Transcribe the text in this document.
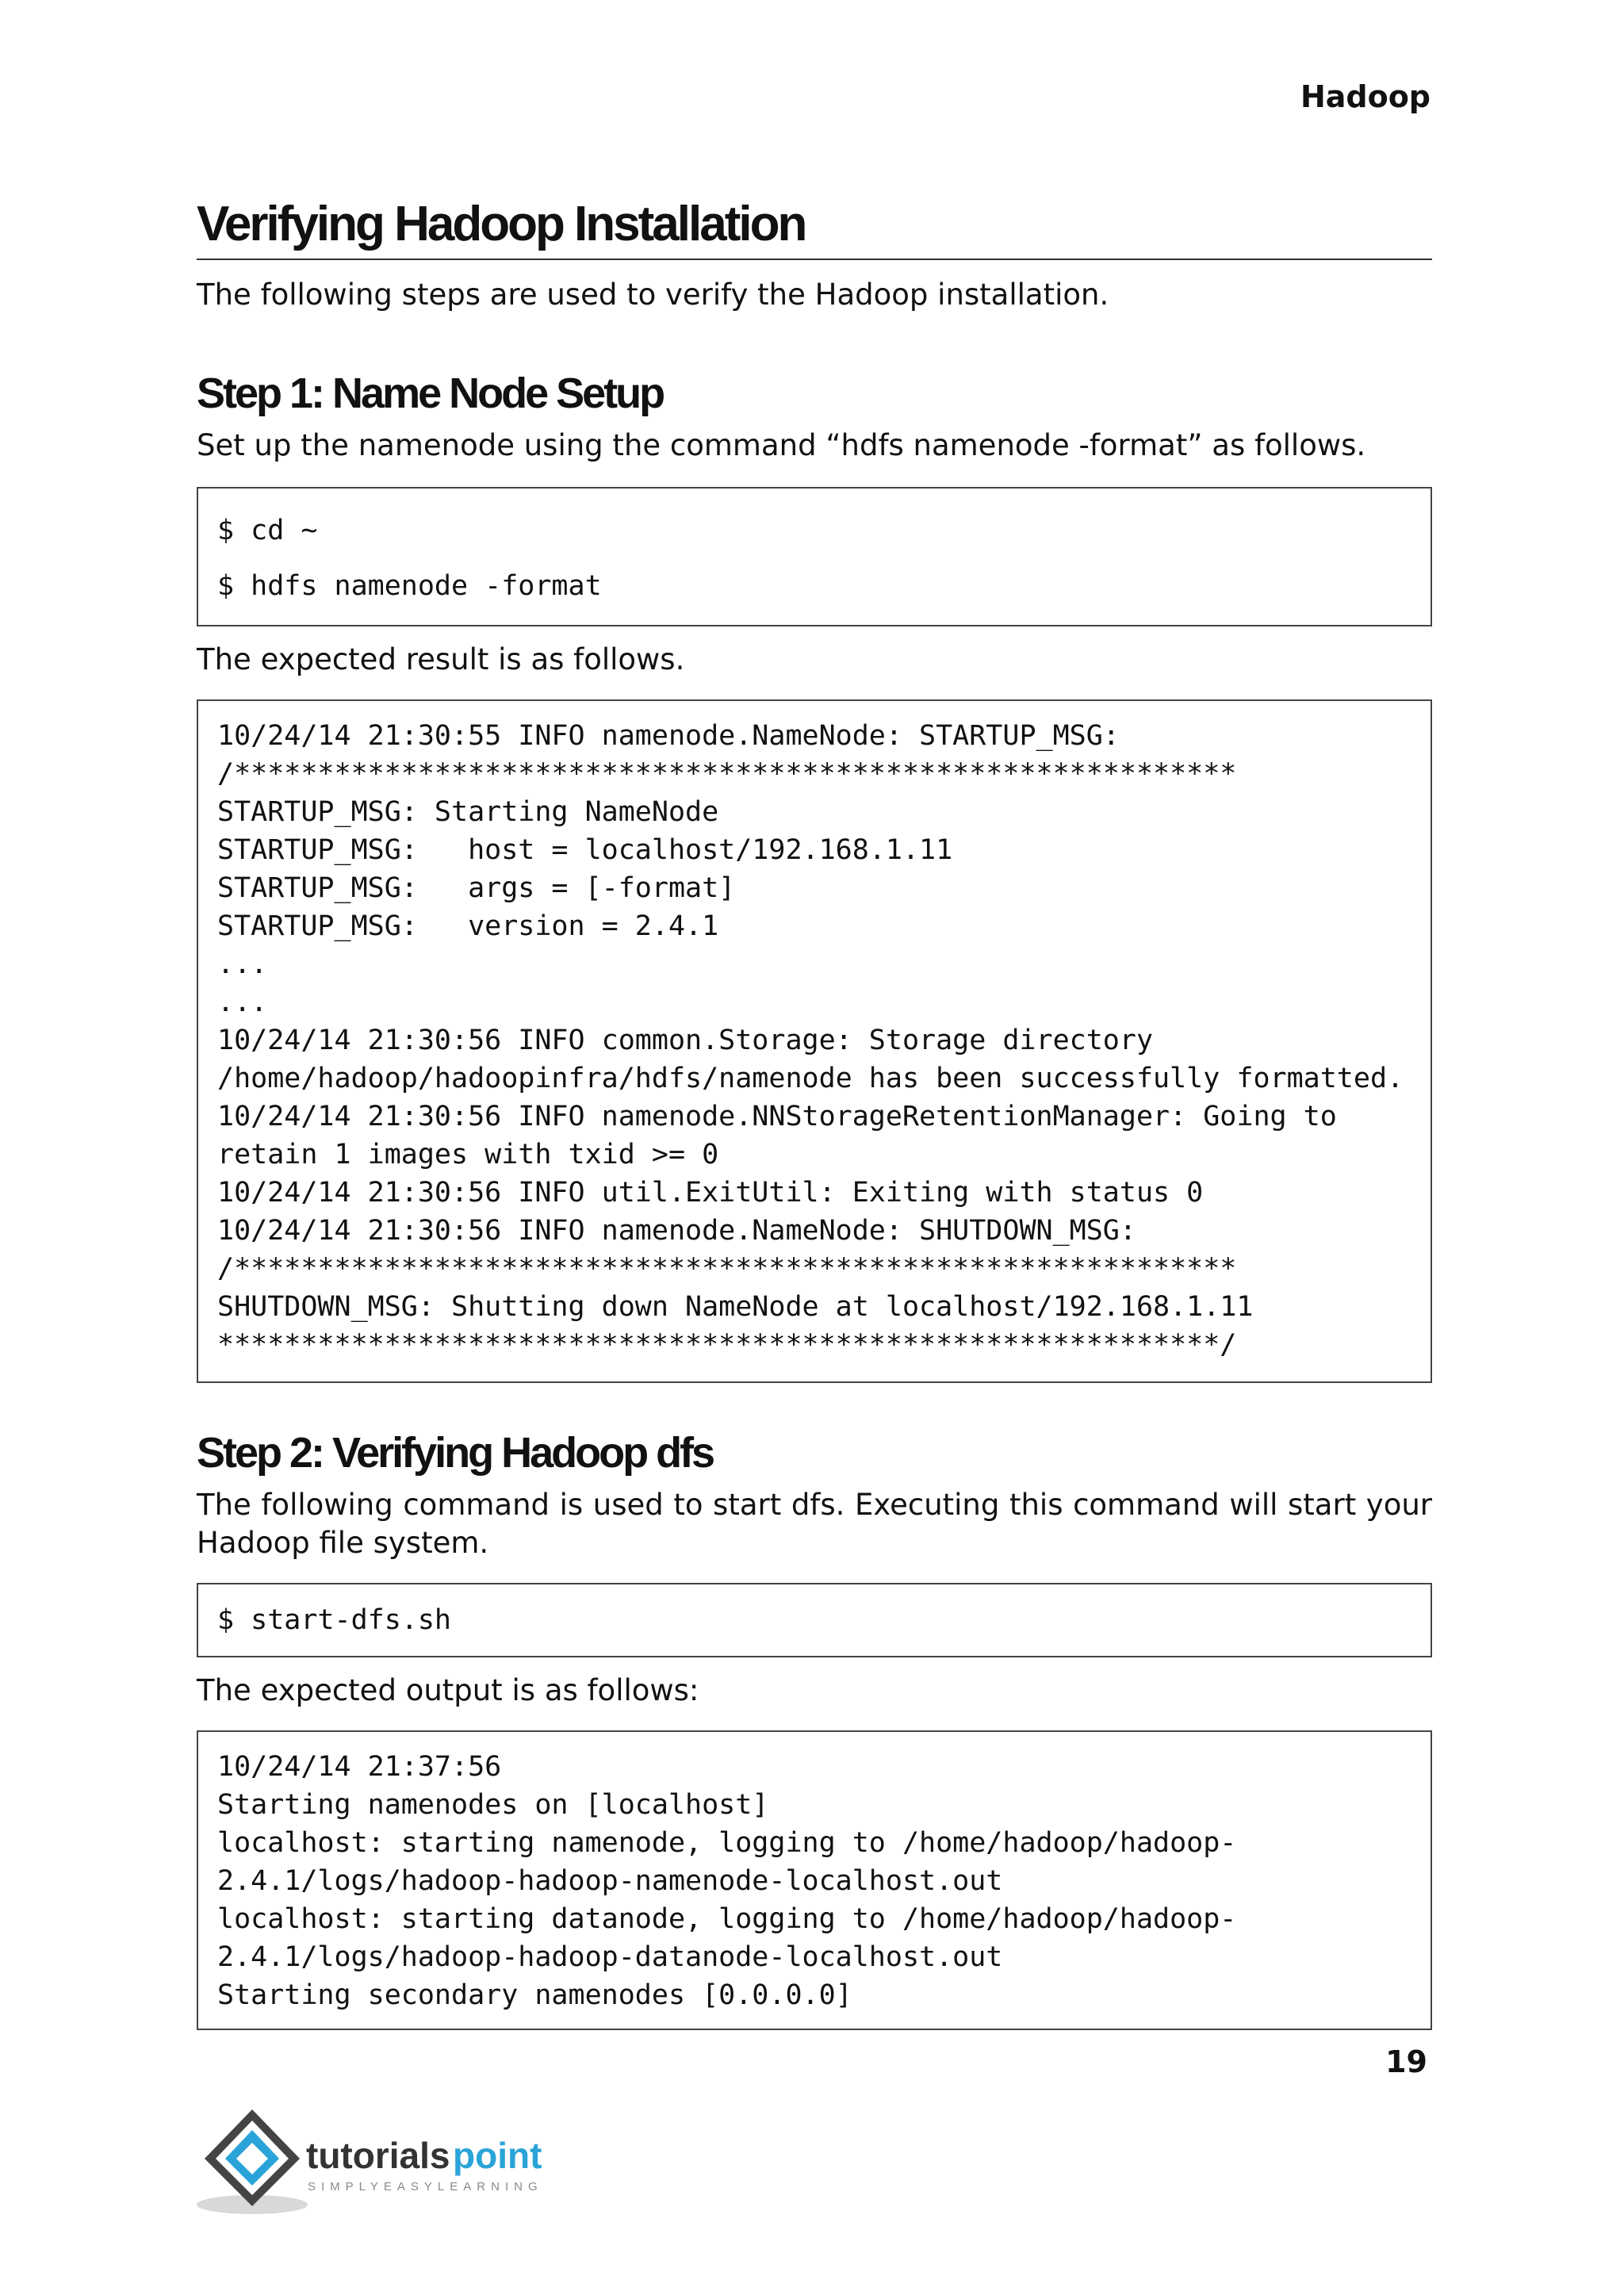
Hadoop
Verifying Hadoop Installation

The following steps are used to verify the Hadoop installation.

Step 1: Name Node Setup

Set up the namenode using the command “hdfs namenode -format” as follows.

$ cd ~
$ hdfs namenode -format

The expected result is as follows.

10/24/14 21:30:55 INFO namenode.NameNode: STARTUP_MSG:
/************************************************************
STARTUP_MSG: Starting NameNode
STARTUP_MSG:   host = localhost/192.168.1.11
STARTUP_MSG:   args = [-format]
STARTUP_MSG:   version = 2.4.1
...
...
10/24/14 21:30:56 INFO common.Storage: Storage directory
/home/hadoop/hadoopinfra/hdfs/namenode has been successfully formatted.
10/24/14 21:30:56 INFO namenode.NNStorageRetentionManager: Going to
retain 1 images with txid >= 0
10/24/14 21:30:56 INFO util.ExitUtil: Exiting with status 0
10/24/14 21:30:56 INFO namenode.NameNode: SHUTDOWN_MSG:
/************************************************************
SHUTDOWN_MSG: Shutting down NameNode at localhost/192.168.1.11
************************************************************/
Step 2: Verifying Hadoop dfs

The following command is used to start dfs. Executing this command will start your Hadoop file system.

$ start-dfs.sh

The expected output is as follows:

10/24/14 21:37:56
Starting namenodes on [localhost]
localhost: starting namenode, logging to /home/hadoop/hadoop-
2.4.1/logs/hadoop-hadoop-namenode-localhost.out
localhost: starting datanode, logging to /home/hadoop/hadoop-
2.4.1/logs/hadoop-hadoop-datanode-localhost.out
Starting secondary namenodes [0.0.0.0]
19
tutorials point
SIMPLYEASYLEARNING
